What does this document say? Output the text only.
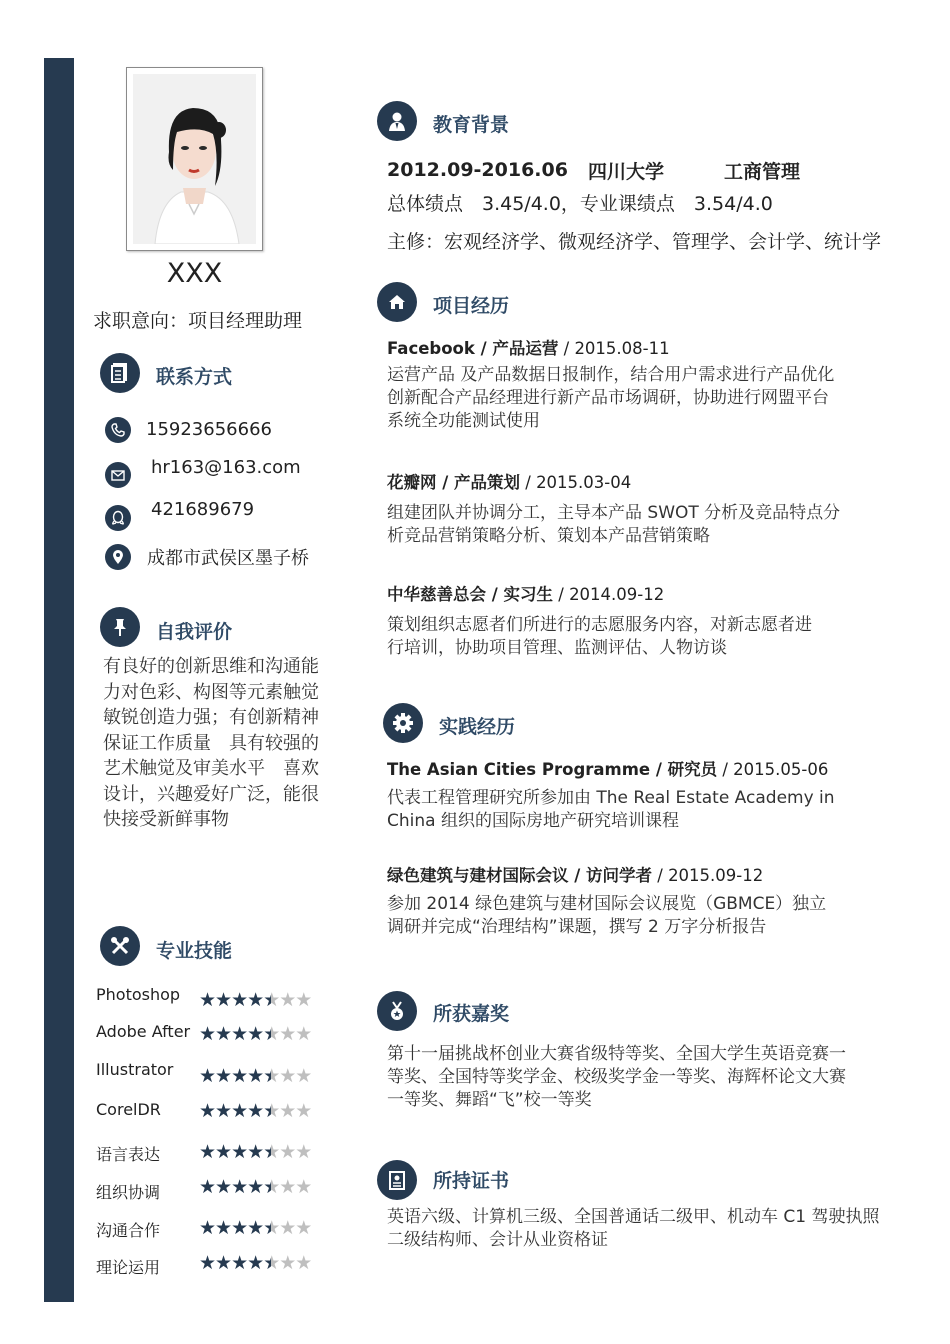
XXX
求职意向：项目经理助理
联系方式
15923656666
hr163@163.com
421689679
成都市武侯区墨子桥
自我评价
有良好的创新思维和沟通能
力对色彩、构图等元素触觉
敏锐创造力强；有创新精神
保证工作质量　具有较强的
艺术触觉及审美水平　喜欢
设计，兴趣爱好广泛，能很
快接受新鲜事物
专业技能
Photoshop ★★★★★★★
Adobe After ★★★★★★★
Illustrator ★★★★★★★
CorelDR ★★★★★★★
语言表达 ★★★★★★★
组织协调 ★★★★★★★
沟通合作 ★★★★★★★
理论运用 ★★★★★★★
教育背景
2012.09-2016.06 四川大学	工商管理
总体绩点　3.45/4.0，专业课绩点　3.54/4.0
主修：宏观经济学、微观经济学、管理学、会计学、统计学
项目经历
Facebook / 产品运营 / 2015.08-11
运营产品 及产品数据日报制作，结合用户需求进行产品优化
创新配合产品经理进行新产品市场调研，协助进行网盟平台
系统全功能测试使用
花瓣网 / 产品策划 / 2015.03-04
组建团队并协调分工，主导本产品 SWOT 分析及竞品特点分
析竞品营销策略分析、策划本产品营销策略
中华慈善总会 / 实习生 / 2014.09-12
策划组织志愿者们所进行的志愿服务内容，对新志愿者进
行培训，协助项目管理、监测评估、人物访谈
实践经历
The Asian Cities Programme / 研究员 / 2015.05-06
代表工程管理研究所参加由 The Real Estate Academy in
China 组织的国际房地产研究培训课程
绿色建筑与建材国际会议 / 访问学者 / 2015.09-12
参加 2014 绿色建筑与建材国际会议展览（GBMCE）独立
调研并完成“治理结构”课题，撰写 2 万字分析报告
所获嘉奖
第十一届挑战杯创业大赛省级特等奖、全国大学生英语竞赛一
等奖、全国特等奖学金、校级奖学金一等奖、海辉杯论文大赛
一等奖、舞蹈“飞”校一等奖
所持证书
英语六级、计算机三级、全国普通话二级甲、机动车 C1 驾驶执照
二级结构师、会计从业资格证
